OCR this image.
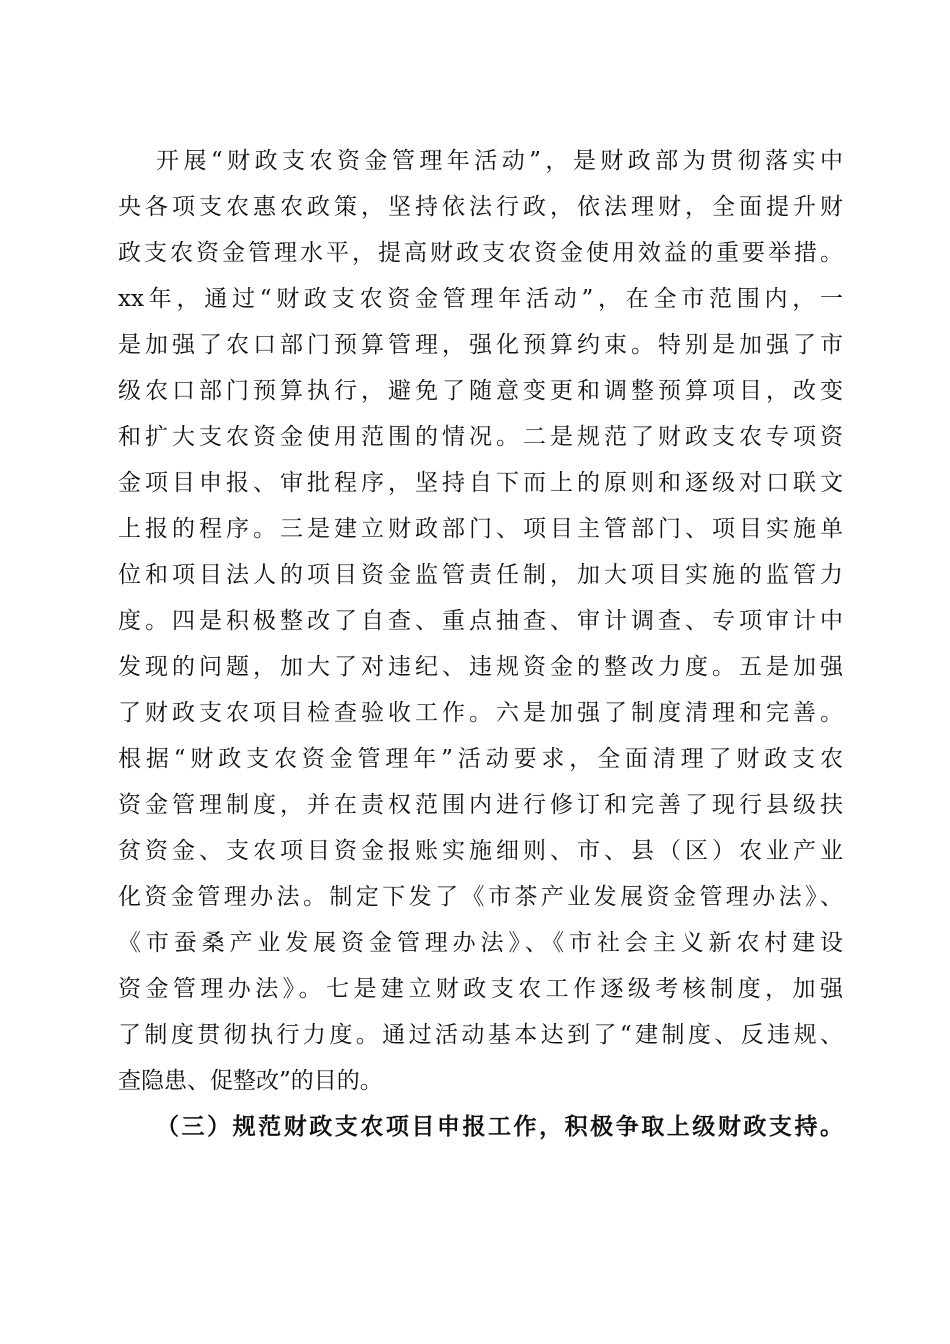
开展“财政支农资金管理年活动”，是财政部为贯彻落实中
央各项支农惠农政策，坚持依法行政，依法理财，全面提升财
政支农资金管理水平，提高财政支农资金使用效益的重要举措。
xx年，通过“财政支农资金管理年活动”，在全市范围内，一
是加强了农口部门预算管理，强化预算约束。特别是加强了市
级农口部门预算执行，避免了随意变更和调整预算项目，改变
和扩大支农资金使用范围的情况。二是规范了财政支农专项资
金项目申报、审批程序，坚持自下而上的原则和逐级对口联文
上报的程序。三是建立财政部门、项目主管部门、项目实施单
位和项目法人的项目资金监管责任制，加大项目实施的监管力
度。四是积极整改了自查、重点抽查、审计调查、专项审计中
发现的问题，加大了对违纪、违规资金的整改力度。五是加强
了财政支农项目检查验收工作。六是加强了制度清理和完善。
根据“财政支农资金管理年”活动要求，全面清理了财政支农
资金管理制度，并在责权范围内进行修订和完善了现行县级扶
贫资金、支农项目资金报账实施细则、市、县（区）农业产业
化资金管理办法。制定下发了《市茶产业发展资金管理办法》、
《市蚕桑产业发展资金管理办法》、《市社会主义新农村建设
资金管理办法》。七是建立财政支农工作逐级考核制度，加强
了制度贯彻执行力度。通过活动基本达到了“建制度、反违规、
查隐患、促整改”的目的。
（三）规范财政支农项目申报工作，积极争取上级财政支持。
